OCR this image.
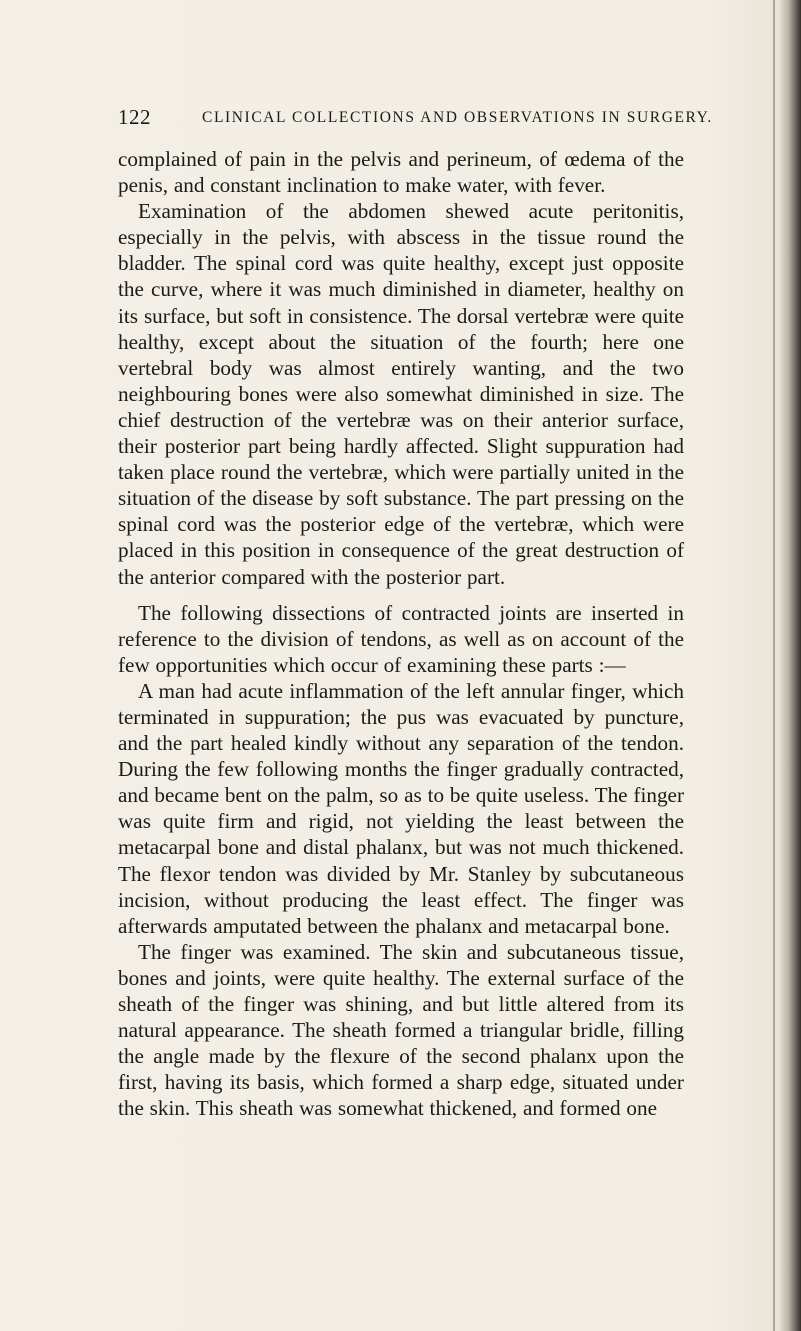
122	CLINICAL COLLECTIONS AND OBSERVATIONS IN SURGERY.

complained of pain in the pelvis and perineum, of œdema of the penis, and constant inclination to make water, with fever.

Examination of the abdomen shewed acute peritonitis, especially in the pelvis, with abscess in the tissue round the bladder. The spinal cord was quite healthy, except just opposite the curve, where it was much diminished in diameter, healthy on its surface, but soft in consistence. The dorsal vertebræ were quite healthy, except about the situation of the fourth; here one vertebral body was almost entirely wanting, and the two neighbouring bones were also somewhat diminished in size. The chief destruction of the vertebræ was on their anterior surface, their posterior part being hardly affected. Slight suppuration had taken place round the vertebræ, which were partially united in the situation of the disease by soft substance. The part pressing on the spinal cord was the posterior edge of the vertebræ, which were placed in this position in consequence of the great destruction of the anterior compared with the posterior part.

The following dissections of contracted joints are inserted in reference to the division of tendons, as well as on account of the few opportunities which occur of examining these parts :—

A man had acute inflammation of the left annular finger, which terminated in suppuration; the pus was evacuated by puncture, and the part healed kindly without any separation of the tendon. During the few following months the finger gradually contracted, and became bent on the palm, so as to be quite useless. The finger was quite firm and rigid, not yielding the least between the metacarpal bone and distal phalanx, but was not much thickened. The flexor tendon was divided by Mr. Stanley by subcutaneous incision, without producing the least effect. The finger was afterwards amputated between the phalanx and metacarpal bone.

The finger was examined. The skin and subcutaneous tissue, bones and joints, were quite healthy. The external surface of the sheath of the finger was shining, and but little altered from its natural appearance. The sheath formed a triangular bridle, filling the angle made by the flexure of the second phalanx upon the first, having its basis, which formed a sharp edge, situated under the skin. This sheath was somewhat thickened, and formed one
